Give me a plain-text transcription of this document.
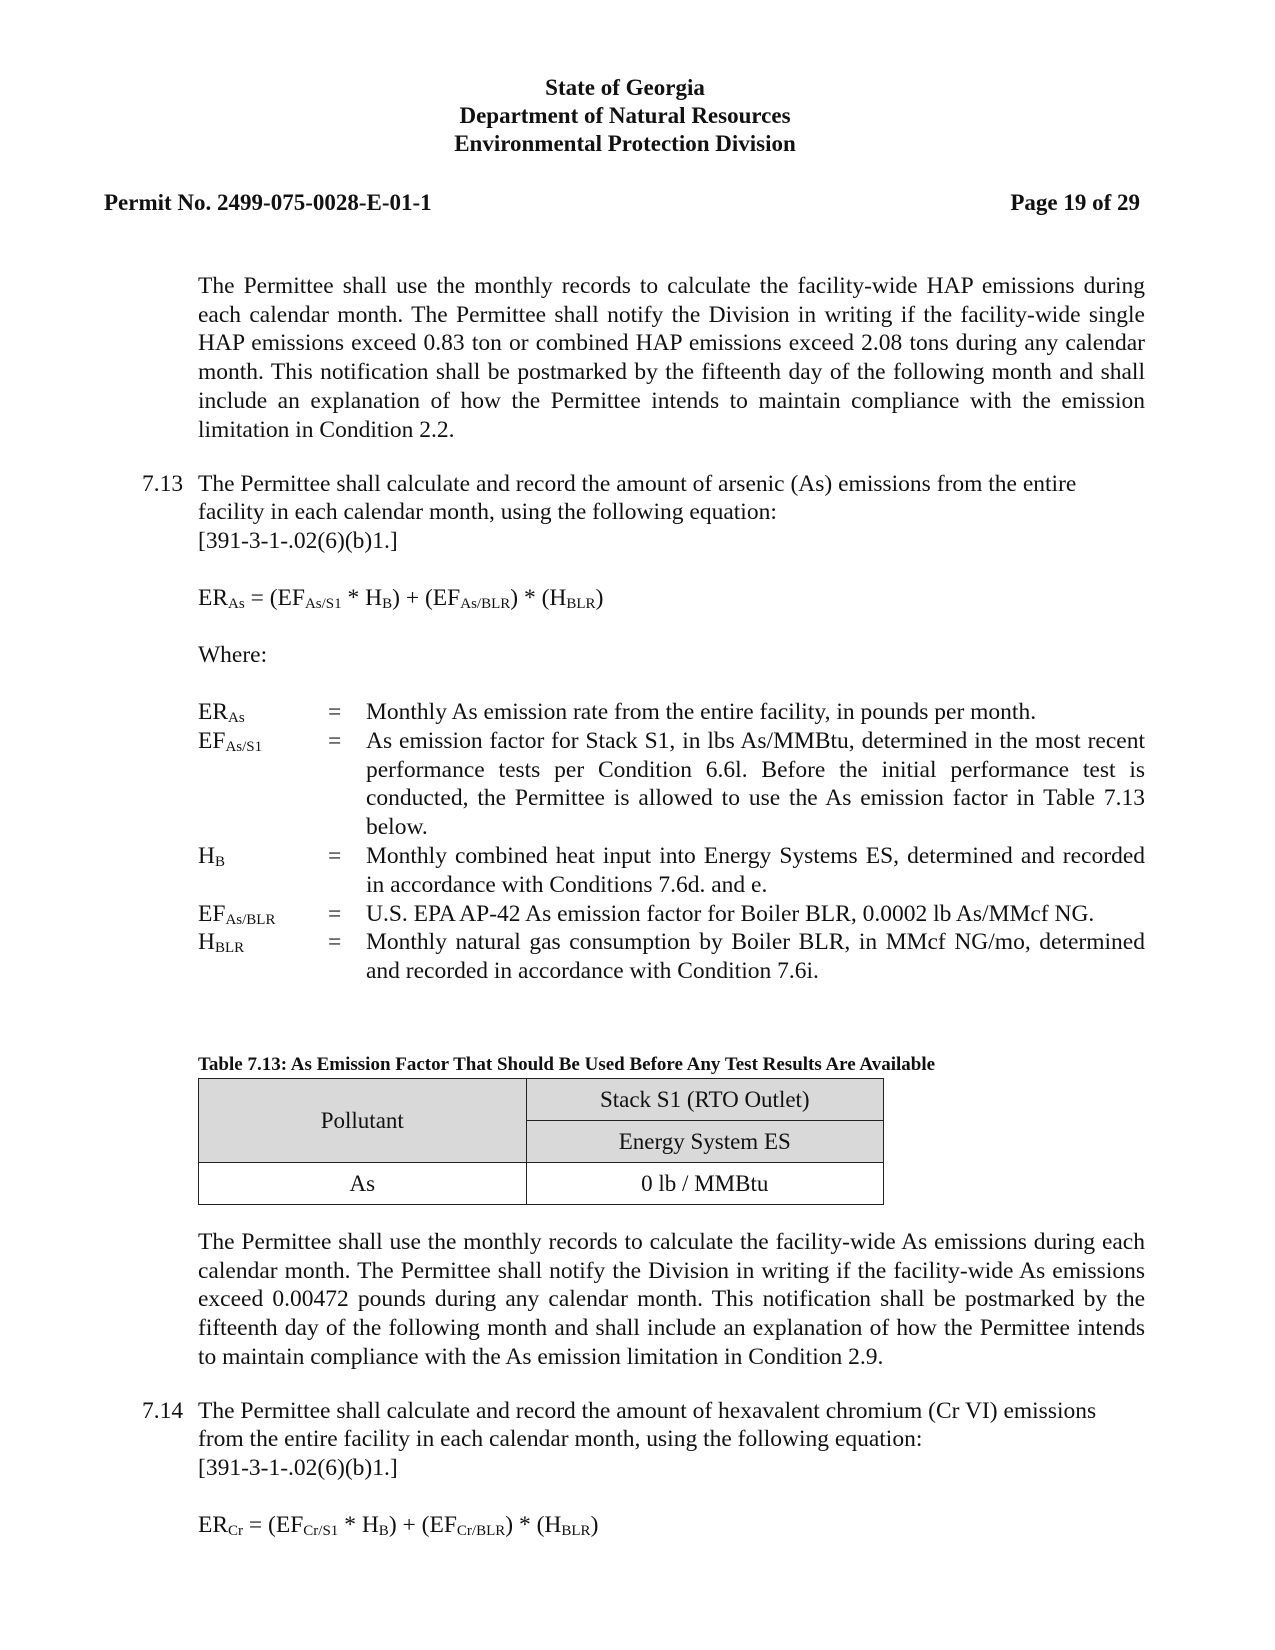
State of Georgia
Department of Natural Resources
Environmental Protection Division
Permit No. 2499-075-0028-E-01-1	Page 19 of 29

The Permittee shall use the monthly records to calculate the facility-wide HAP emissions during each calendar month. The Permittee shall notify the Division in writing if the facility-wide single HAP emissions exceed 0.83 ton or combined HAP emissions exceed 2.08 tons during any calendar month. This notification shall be postmarked by the fifteenth day of the following month and shall include an explanation of how the Permittee intends to maintain compliance with the emission limitation in Condition 2.2.

7.13 The Permittee shall calculate and record the amount of arsenic (As) emissions from the entire
facility in each calendar month, using the following equation:
[391-3-1-.02(6)(b)1.]
$ER_{As} = (EF_{As/S1} * H_B) + (EF_{As/BLR}) * (H_{BLR})$
Where:
$ER_{As}$	= Monthly As emission rate from the entire facility, in pounds per month.

$EF_{As/S1}$	= As emission factor for Stack S1, in lbs As/MMBtu, determined in the most recent performance tests per Condition 6.6l. Before the initial performance test is conducted, the Permittee is allowed to use the As emission factor in Table 7.13 below.

$H_B$	= Monthly combined heat input into Energy Systems ES, determined and recorded in accordance with Conditions 7.6d. and e.

$EF_{As/BLR} = U.S$. EPA AP-42 As emission factor for Boiler BLR, 0.0002 lb As/MMcf NG.

$H_{BLR}$	= Monthly natural gas consumption by Boiler BLR, in MMcf NG/mo, determined and recorded in accordance with Condition 7.6i.

Table 7.13: As Emission Factor That Should Be Used Before Any Test Results Are Available
Pollutant	Stack S1 (RTO Outlet)
	Energy System ES
As	0 lb / MMBtu

The Permittee shall use the monthly records to calculate the facility-wide As emissions during each calendar month. The Permittee shall notify the Division in writing if the facility-wide As emissions exceed 0.00472 pounds during any calendar month. This notification shall be postmarked by the fifteenth day of the following month and shall include an explanation of how the Permittee intends to maintain compliance with the As emission limitation in Condition 2.9.

7.14 The Permittee shall calculate and record the amount of hexavalent chromium (Cr VI) emissions
from the entire facility in each calendar month, using the following equation:
[391-3-1-.02(6)(b)1.]
$ER_{Cr} = (EF_{Cr/S1} * H_B) + (EF_{Cr/BLR}) * (H_{BLR})$
